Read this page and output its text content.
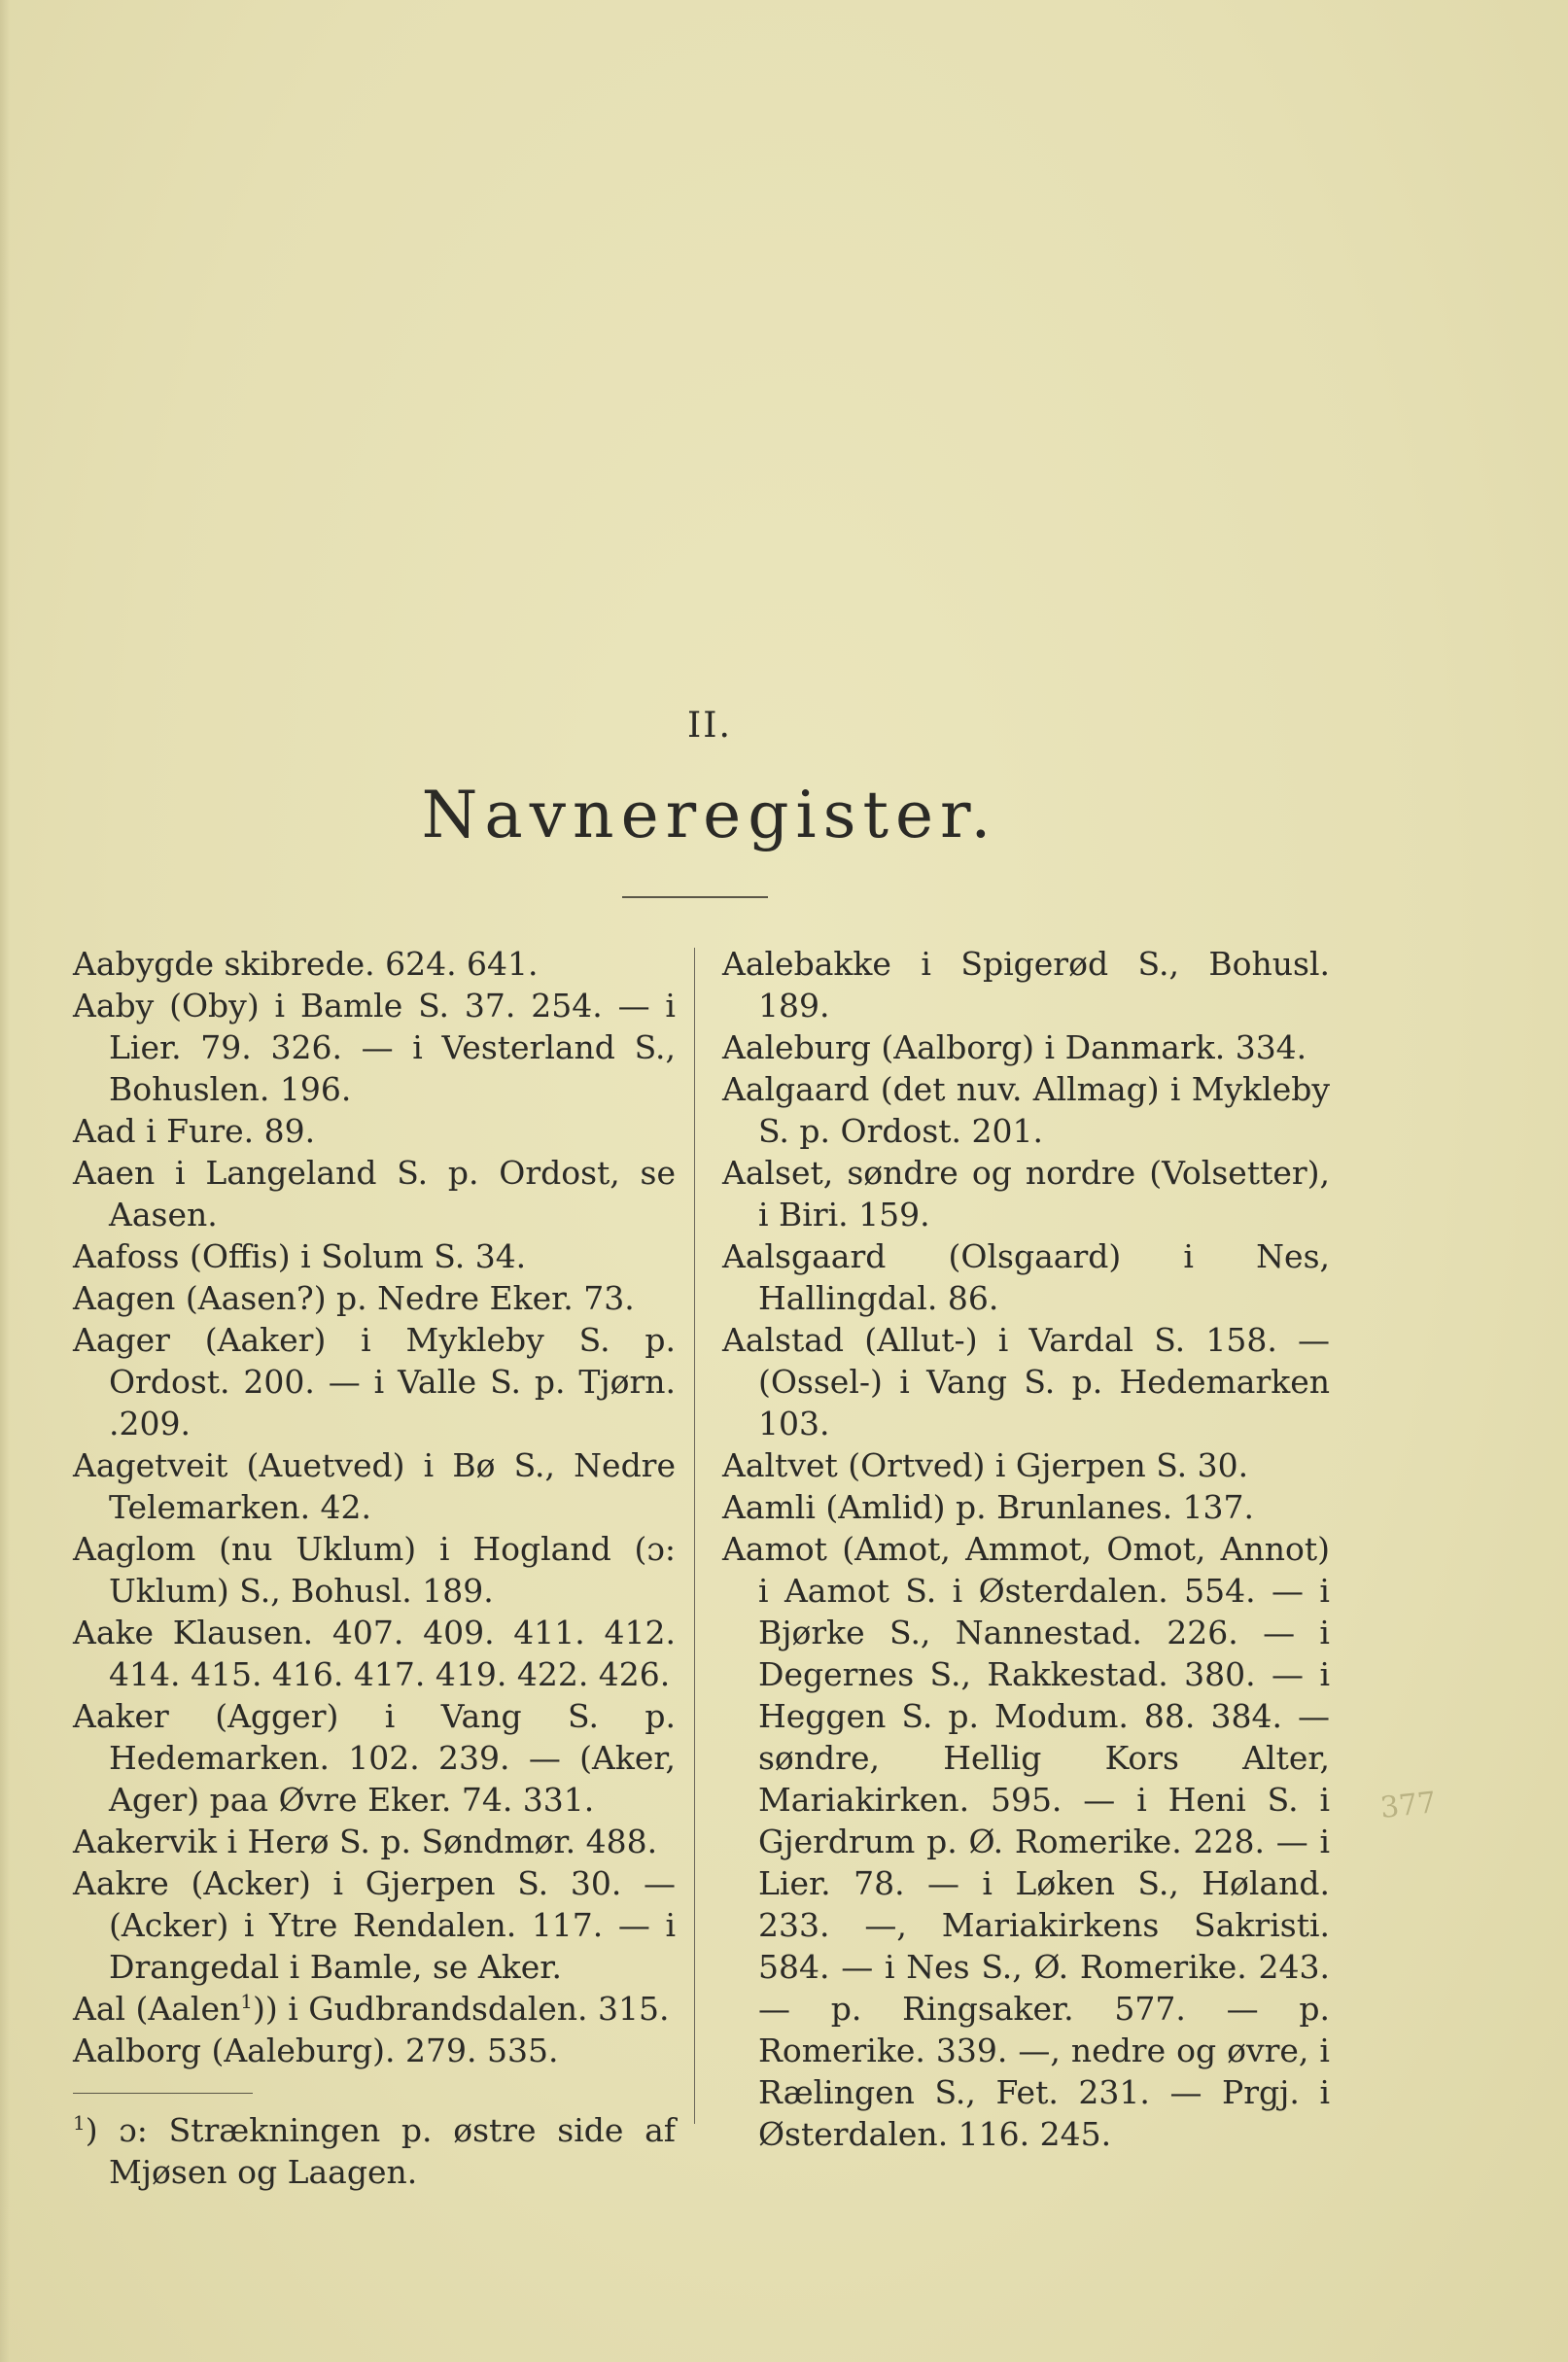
II.
Navneregister.

Aabygde skibrede. 624. 641.

Aaby (Oby) i Bamle S. 37. 254. — i Lier. 79. 326. — i Vesterland S., Bohuslen. 196.

Aad i Fure. 89.

Aaen i Langeland S. p. Ordost, se Aasen.

Aafoss (Offis) i Solum S. 34.

Aagen (Aasen?) p. Nedre Eker. 73.

Aager (Aaker) i Mykleby S. p. Ordost. 200. — i Valle S. p. Tjørn. .209.

Aagetveit (Auetved) i Bø S., Nedre Telemarken. 42.

Aaglom (nu Uklum) i Hogland (ɔ: Uklum) S., Bohusl. 189.

Aake Klausen. 407. 409. 411. 412. 414. 415. 416. 417. 419. 422. 426.

Aaker (Agger) i Vang S. p. Hedemarken. 102. 239. — (Aker, Ager) paa Øvre Eker. 74. 331.

Aakervik i Herø S. p. Søndmør. 488.

Aakre (Acker) i Gjerpen S. 30. — (Acker) i Ytre Rendalen. 117. — i Drangedal i Bamle, se Aker.

Aal (Aalen$^1$)) i Gudbrandsdalen. 315.

Aalborg (Aaleburg). 279. 535.

$^1$) ɔ: Strækningen p. østre side af Mjøsen og Laagen.

Aalebakke i Spigerød S., Bohusl. 189.

Aaleburg (Aalborg) i Danmark. 334.

Aalgaard (det nuv. Allmag) i Mykleby S. p. Ordost. 201.

Aalset, søndre og nordre (Volsetter), i Biri. 159.

Aalsgaard (Olsgaard) i Nes, Hallingdal. 86.

Aalstad (Allut-) i Vardal S. 158. — (Ossel-) i Vang S. p. Hedemarken 103.

Aaltvet (Ortved) i Gjerpen S. 30.

Aamli (Amlid) p. Brunlanes. 137.

Aamot (Amot, Ammot, Omot, Annot) i Aamot S. i Østerdalen. 554. — i Bjørke S., Nannestad. 226. — i Degernes S., Rakkestad. 380. — i Heggen S. p. Modum. 88. 384. — søndre, Hellig Kors Alter, Mariakirken. 595. — i Heni S. i Gjerdrum p. Ø. Romerike. 228. — i Lier. 78. — i Løken S., Høland. 233. —, Mariakirkens Sakristi. 584. — i Nes S., Ø. Romerike. 243. — p. Ringsaker. 577. — p. Romerike. 339. —, nedre og øvre, i Rælingen S., Fet. 231. — Prgj. i Østerdalen. 116. 245.

377
